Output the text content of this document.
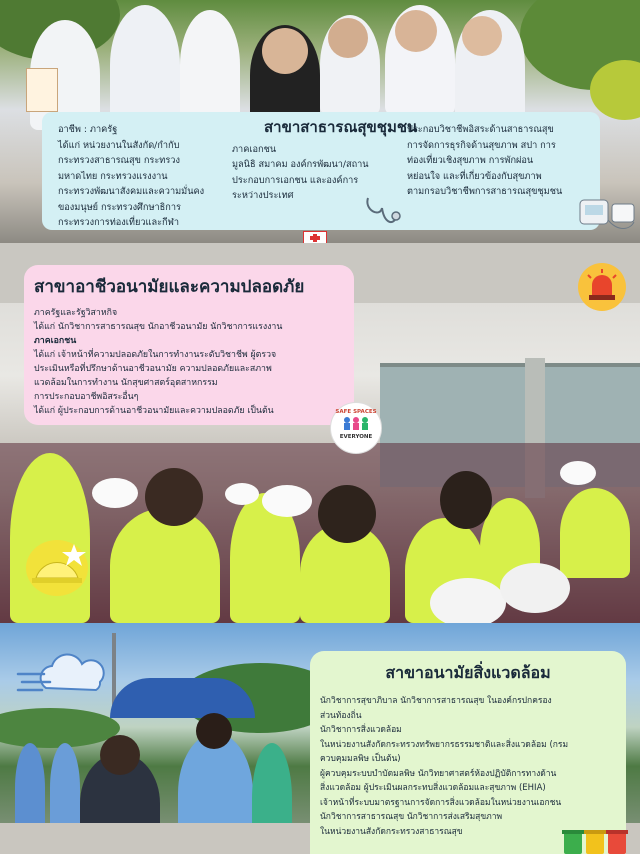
อาชีพ : ภาครัฐ
ได้แก่ หน่วยงานในสังกัด/กำกับ
กระทรวงสาธารณสุข กระทรวง
มหาดไทย กระทรวงแรงงาน
กระทรวงพัฒนาสังคมและความมั่นคง
ของมนุษย์ กระทรวงศึกษาธิการ
กระทรวงการท่องเที่ยวและกีฬา
สาขาสาธารณสุขชุมชน
ภาคเอกชน
มูลนิธิ สมาคม องค์กรพัฒนา/สถาน
ประกอบการเอกชน และองค์การ
ระหว่างประเทศ
ประกอบวิชาชีพอิสระด้านสาธารณสุข
การจัดการธุรกิจด้านสุขภาพ สปา การ
ท่องเที่ยวเชิงสุขภาพ การพักผ่อน
หย่อนใจ และที่เกี่ยวข้องกับสุขภาพ
ตามกรอบวิชาชีพการสาธารณสุขชุมชน
สาขาอาชีวอนามัยและความปลอดภัย
ภาครัฐและรัฐวิสาหกิจ
ได้แก่ นักวิชาการสาธารณสุข นักอาชีวอนามัย นักวิชาการแรงงาน
ภาคเอกชน
ได้แก่ เจ้าหน้าที่ความปลอดภัยในการทำงานระดับวิชาชีพ ผู้ตรวจ
ประเมินหรือที่ปรึกษาด้านอาชีวอนามัย ความปลอดภัยและสภาพ
แวดล้อมในการทำงาน นักสุขศาสตร์อุตสาหกรรม
การประกอบอาชีพอิสระอื่นๆ
ได้แก่ ผู้ประกอบการด้านอาชีวอนามัยและความปลอดภัย เป็นต้น	SAFE SPACES
EVERYONE
สาขาอนามัยสิ่งแวดล้อม
นักวิชาการสุขาภิบาล นักวิชาการสาธารณสุข ในองค์กรปกครอง
ส่วนท้องถิ่น
นักวิชาการสิ่งแวดล้อม
ในหน่วยงานสังกัดกระทรวงทรัพยากรธรรมชาติและสิ่งแวดล้อม (กรม
ควบคุมมลพิษ เป็นต้น)
ผู้ควบคุมระบบบำบัดมลพิษ นักวิทยาศาสตร์ห้องปฏิบัติการทางด้าน
สิ่งแวดล้อม ผู้ประเมินผลกระทบสิ่งแวดล้อมและสุขภาพ (EHIA)
เจ้าหน้าที่ระบบมาตรฐานการจัดการสิ่งแวดล้อมในหน่วยงานเอกชน
นักวิชาการสาธารณสุข นักวิชาการส่งเสริมสุขภาพ
ในหน่วยงานสังกัดกระทรวงสาธารณสุข
